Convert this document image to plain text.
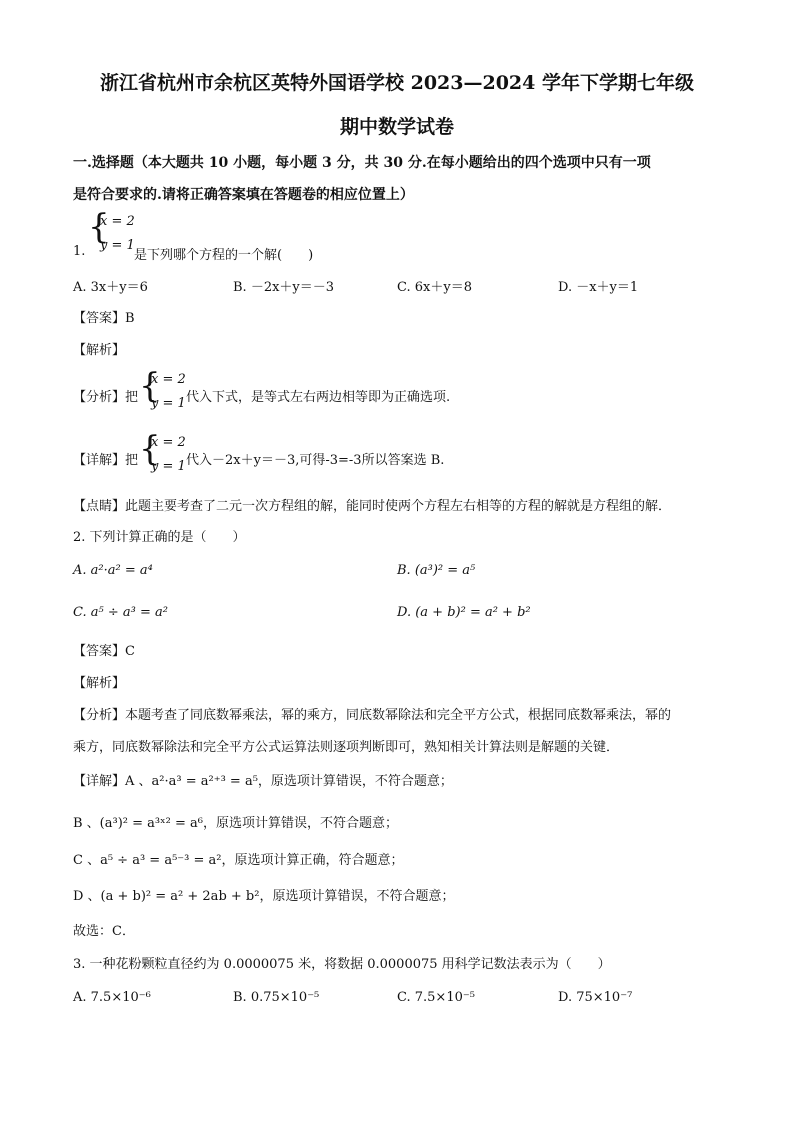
浙江省杭州市余杭区英特外国语学校 2023—2024 学年下学期七年级
期中数学试卷
一.选择题（本大题共 10 小题，每小题 3 分，共 30 分.在每小题给出的四个选项中只有一项
是符合要求的.请将正确答案填在答题卷的相应位置上）
1.
{
x = 2
y = 1
是下列哪个方程的一个解(　　)
A. 3x＋y＝6	B. －2x＋y＝－3	C. 6x＋y＝8	D. －x＋y＝1
【答案】B
【解析】
【分析】把 {
x = 2
y = 1 代入下式，是等式左右两边相等即为正确选项.
【详解】把 {
x = 2
y = 1 代入－2x＋y＝－3,可得-3=-3所以答案选 B.
【点睛】此题主要考查了二元一次方程组的解，能同时使两个方程左右相等的方程的解就是方程组的解．
2. 下列计算正确的是（　　）
A. a²·a² = a⁴	B. (a³)² = a⁵
C. a⁵ ÷ a³ = a²	D. (a + b)² = a² + b²
【答案】C
【解析】
【分析】本题考查了同底数幂乘法，幂的乘方，同底数幂除法和完全平方公式，根据同底数幂乘法，幂的
乘方，同底数幂除法和完全平方公式运算法则逐项判断即可，熟知相关计算法则是解题的关键．
【详解】A 、a²·a³ = a²⁺³ = a⁵，原选项计算错误，不符合题意；
B 、(a³)² = a³ˣ² = a⁶，原选项计算错误，不符合题意；
C 、a⁵ ÷ a³ = a⁵⁻³ = a²，原选项计算正确，符合题意；
D 、(a + b)² = a² + 2ab + b²，原选项计算错误，不符合题意；
故选：C．
3. 一种花粉颗粒直径约为 0.0000075 米，将数据 0.0000075 用科学记数法表示为（　　）
A. 7.5×10⁻⁶	B. 0.75×10⁻⁵	C. 7.5×10⁻⁵	D. 75×10⁻⁷
